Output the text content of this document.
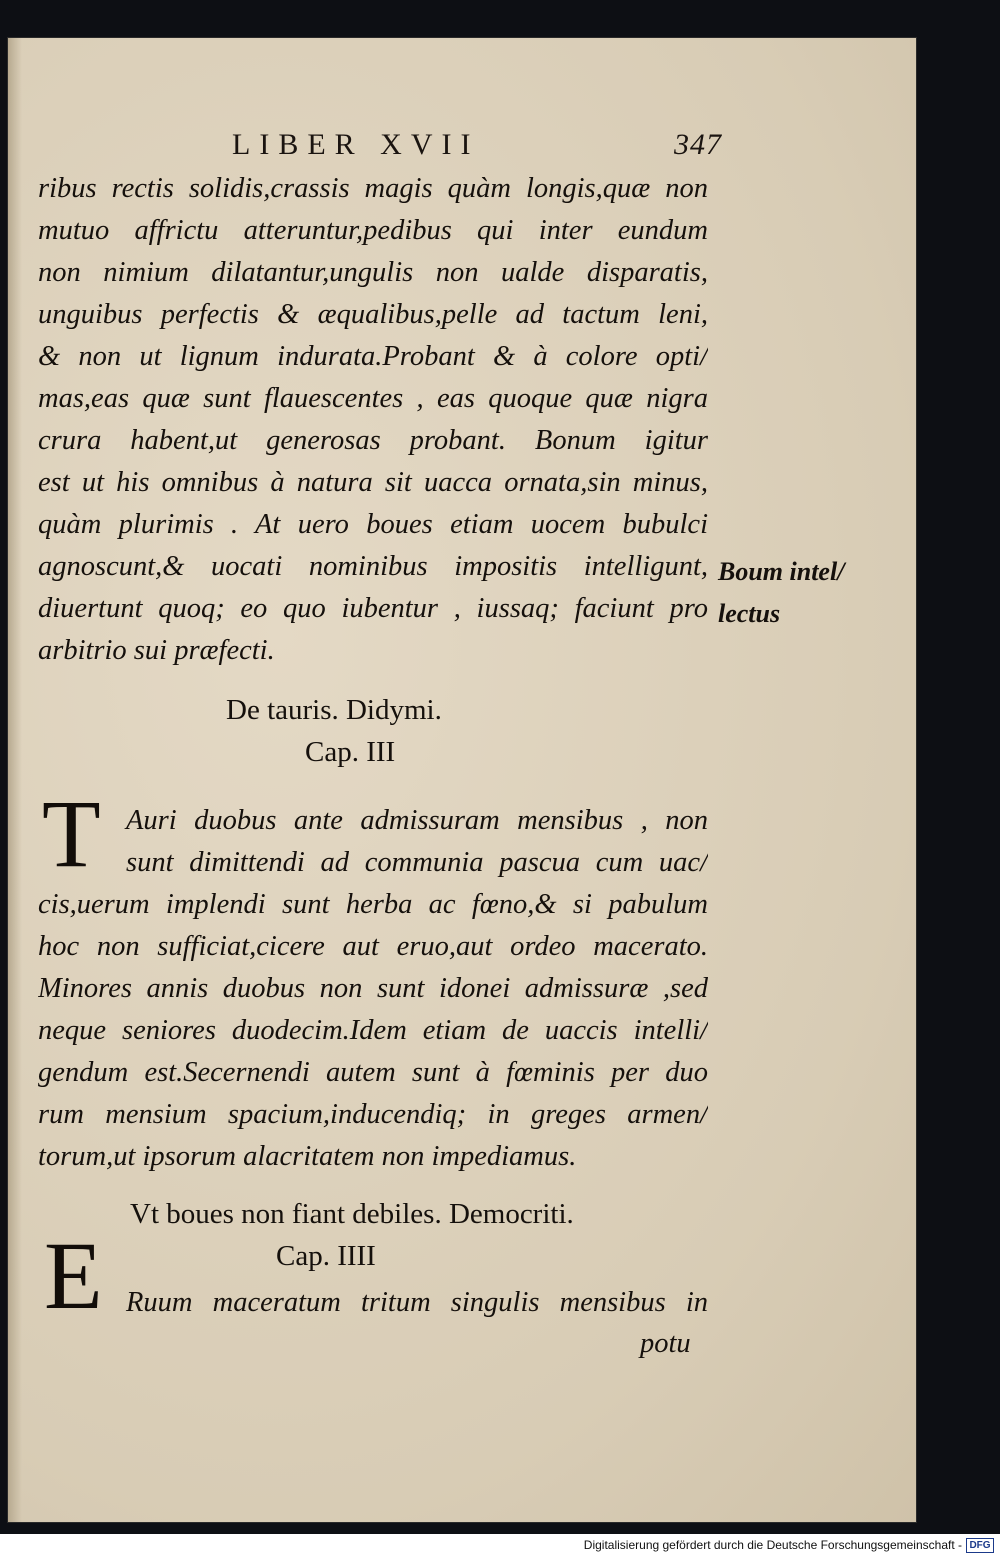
LIBER XVII	347
ribus rectis solidis,crassis magis quàm longis,quæ non
mutuo affrictu atteruntur,pedibus qui inter eundum
non nimium dilatantur,ungulis non ualde disparatis,
unguibus perfectis & æqualibus,pelle ad tactum leni,
& non ut lignum indurata.Probant & à colore opti/
mas,eas quæ sunt flauescentes , eas quoque quæ nigra
crura habent,ut generosas probant. Bonum igitur
est ut his omnibus à natura sit uacca ornata,sin minus,
quàm plurimis . At uero boues etiam uocem bubulci
agnoscunt,& uocati nominibus impositis intelligunt,
diuertunt quoq; eo quo iubentur , iussaq; faciunt pro
arbitrio sui præfecti.
Boum intel/
lectus
De tauris. Didymi.
Cap. III
T Auri duobus ante admissuram mensibus , non
sunt dimittendi ad communia pascua cum uac/
cis,uerum implendi sunt herba ac fœno,& si pabulum
hoc non sufficiat,cicere aut eruo,aut ordeo macerato.
Minores annis duobus non sunt idonei admissuræ ,sed
neque seniores duodecim.Idem etiam de uaccis intelli/
gendum est.Secernendi autem sunt à fœminis per duo
rum mensium spacium,inducendiq; in greges armen/
torum,ut ipsorum alacritatem non impediamus.
Vt boues non fiant debiles. Democriti.
Cap. IIII
E Ruum maceratum tritum singulis mensibus in
potu
Digitalisierung gefördert durch die Deutsche Forschungsgemeinschaft - DFG
